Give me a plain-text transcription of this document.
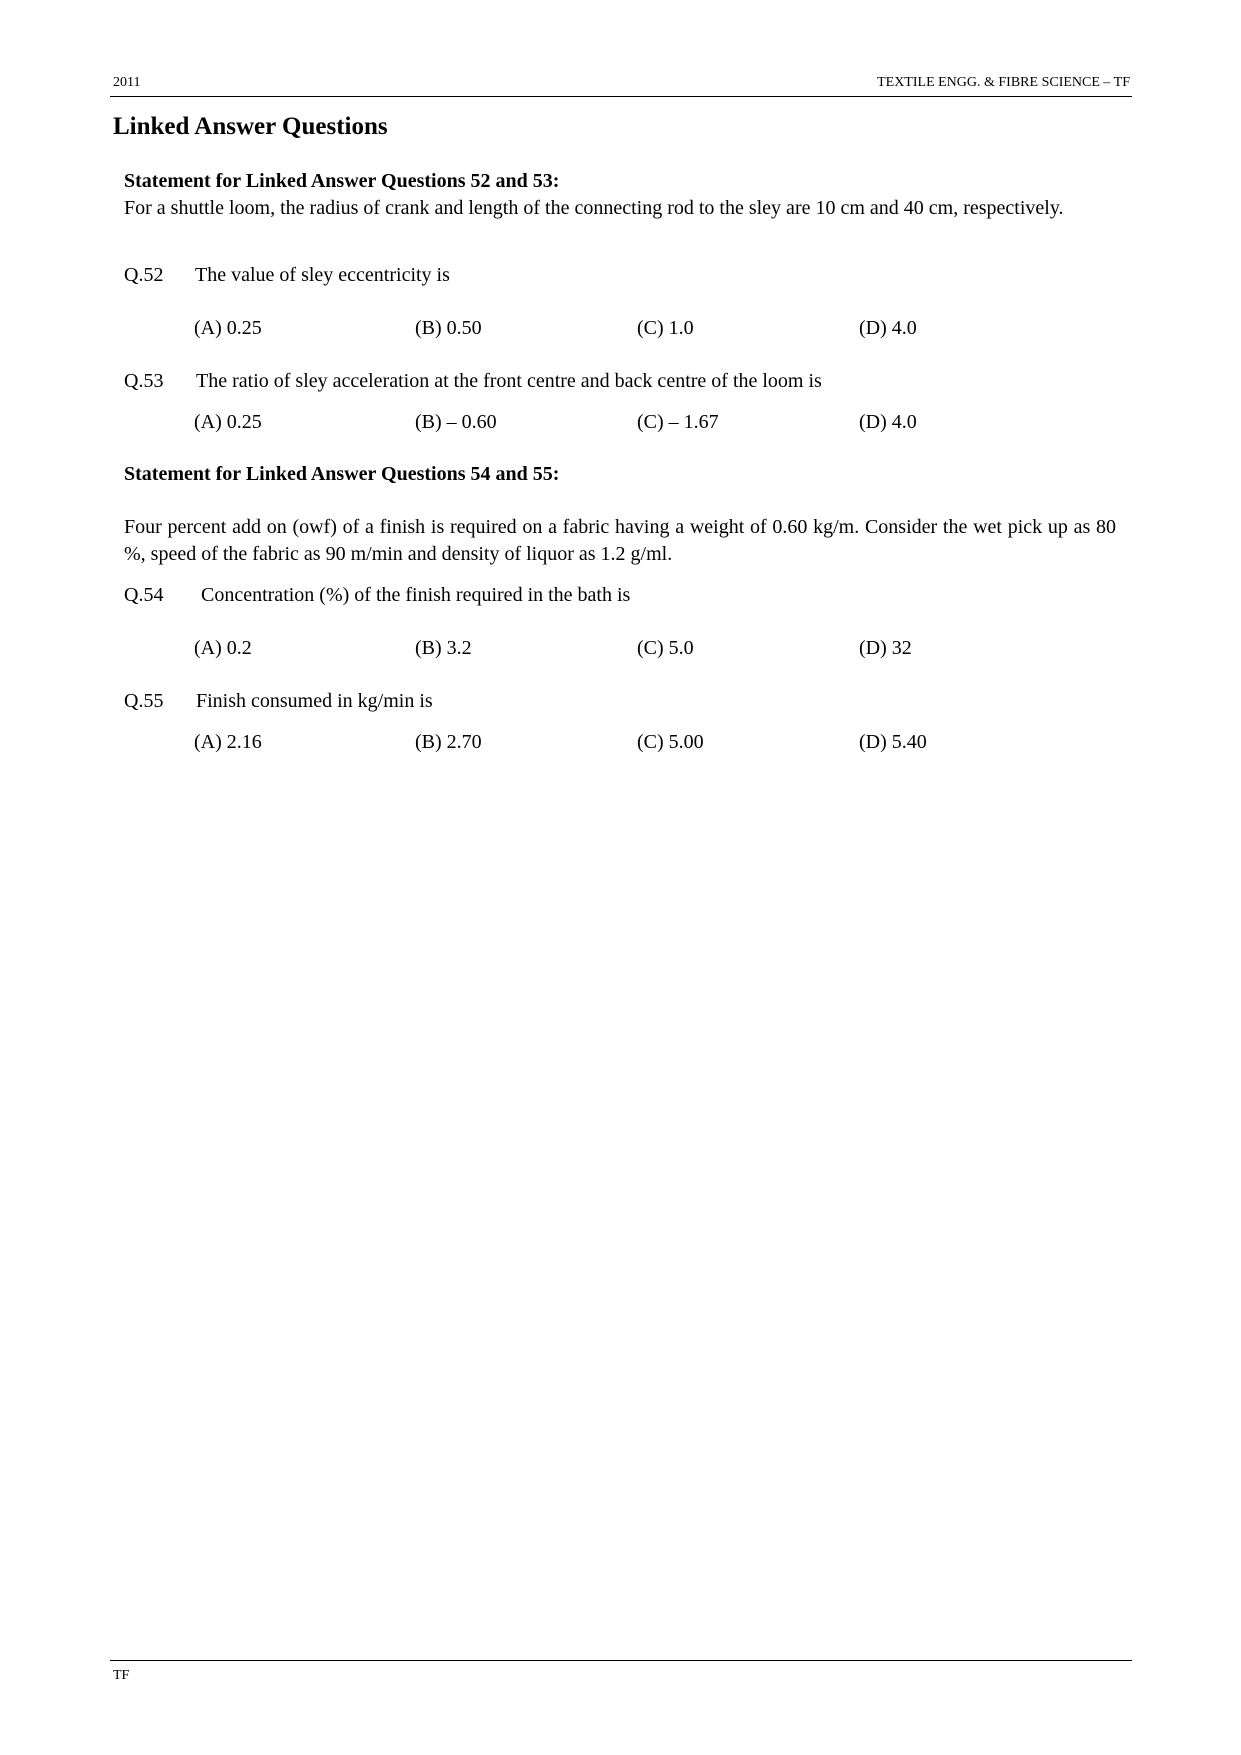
2011	TEXTILE ENGG. & FIBRE SCIENCE – TF
Linked Answer Questions
Statement for Linked Answer Questions 52 and 53:
For a shuttle loom, the radius of crank and length of the connecting rod to the sley are 10 cm and 40 cm, respectively.
Q.52 The value of sley eccentricity is
(A) 0.25	(B) 0.50	(C) 1.0	(D) 4.0
Q.53 The ratio of sley acceleration at the front centre and back centre of the loom is
(A) 0.25	(B) – 0.60	(C) – 1.67	(D) 4.0
Statement for Linked Answer Questions 54 and 55:
Four percent add on (owf) of a finish is required on a fabric having a weight of 0.60 kg/m. Consider the wet pick up as 80 %, speed of the fabric as 90 m/min and density of liquor as 1.2 g/ml.
Q.54 Concentration (%) of the finish required in the bath is
(A) 0.2	(B) 3.2	(C) 5.0	(D) 32
Q.55 Finish consumed in kg/min is
(A) 2.16	(B) 2.70	(C) 5.00	(D) 5.40
TF
